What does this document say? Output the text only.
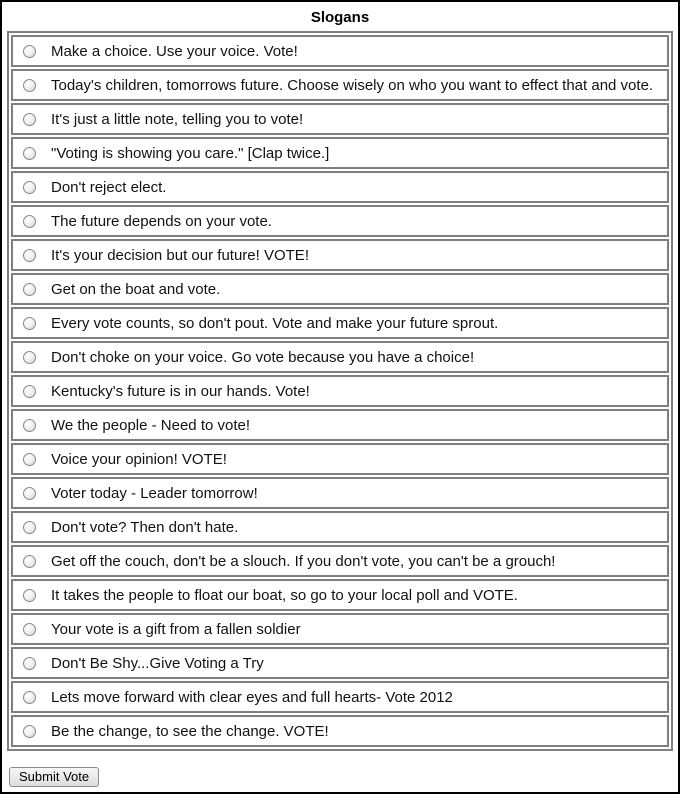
Slogans
Make a choice. Use your voice. Vote!
Today's children, tomorrows future. Choose wisely on who you want to effect that and vote.
It's just a little note, telling you to vote!
"Voting is showing you care." [Clap twice.]
Don't reject elect.
The future depends on your vote.
It's your decision but our future! VOTE!
Get on the boat and vote.
Every vote counts, so don't pout. Vote and make your future sprout.
Don't choke on your voice. Go vote because you have a choice!
Kentucky's future is in our hands. Vote!
We the people - Need to vote!
Voice your opinion! VOTE!
Voter today - Leader tomorrow!
Don't vote? Then don't hate.
Get off the couch, don't be a slouch. If you don't vote, you can't be a grouch!
It takes the people to float our boat, so go to your local poll and VOTE.
Your vote is a gift from a fallen soldier
Don't Be Shy...Give Voting a Try
Lets move forward with clear eyes and full hearts- Vote 2012
Be the change, to see the change. VOTE!
Submit Vote
